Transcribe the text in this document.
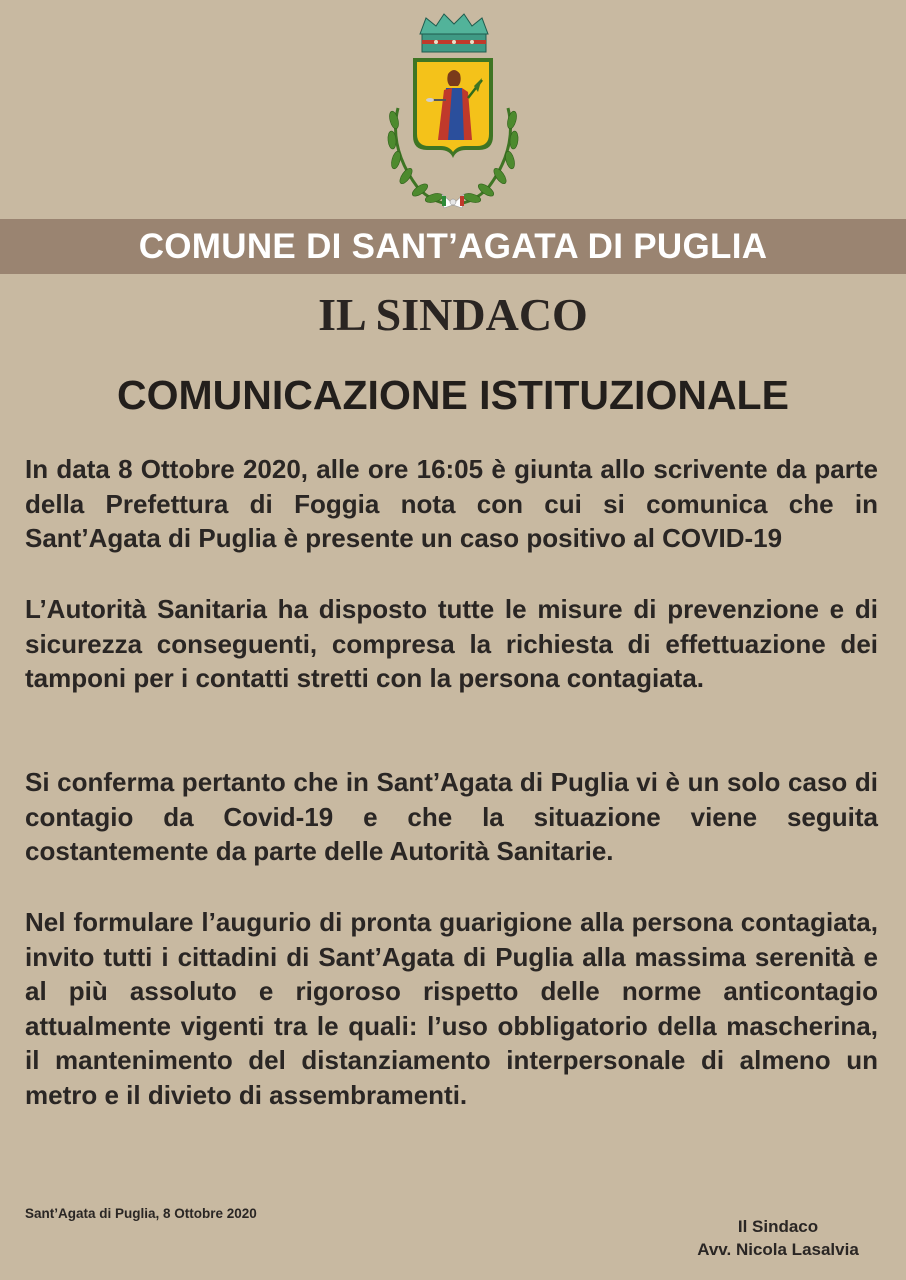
COMUNE DI SANT’AGATA DI PUGLIA
IL SINDACO
COMUNICAZIONE ISTITUZIONALE
In data 8 Ottobre 2020, alle ore 16:05 è giunta allo scrivente da parte della Prefettura di Foggia nota con cui si comunica che in Sant’Agata di Puglia è presente un caso positivo al COVID-19
L’Autorità Sanitaria ha disposto tutte le misure di prevenzione e di sicurezza conseguenti, compresa la richiesta di effettuazione dei tamponi per i contatti stretti con la persona contagiata.
Si conferma pertanto che in Sant’Agata di Puglia vi è un solo caso di contagio da Covid-19 e che la situazione viene seguita costantemente da parte delle Autorità Sanitarie.
Nel formulare l’augurio di pronta guarigione alla persona contagiata, invito tutti i cittadini di Sant’Agata di Puglia alla massima serenità e al più assoluto e rigoroso rispetto delle norme anticontagio attualmente vigenti tra le quali: l’uso obbligatorio della mascherina, il mantenimento del distanziamento interpersonale di almeno un metro e il divieto di assembramenti.
Sant’Agata di Puglia, 8 Ottobre 2020
Il Sindaco
Avv. Nicola Lasalvia
